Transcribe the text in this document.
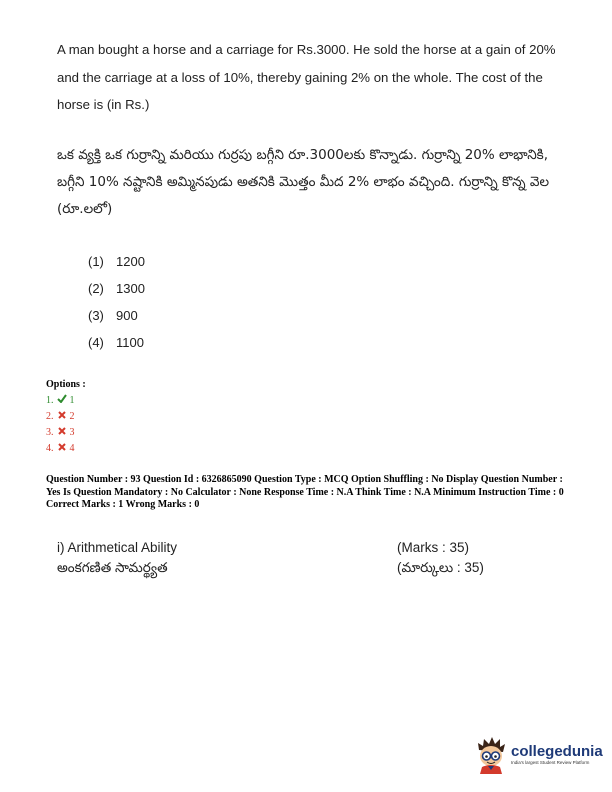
A man bought a horse and a carriage for Rs.3000. He sold the horse at a gain of 20% and the carriage at a loss of 10%, thereby gaining 2% on the whole. The cost of the horse is (in Rs.)
ఒక వ్యక్తి ఒక గుర్రాన్ని మరియు గుర్రపు బగ్గీని రూ.3000లకు కొన్నాడు. గుర్రాన్ని 20% లాభానికి, బగ్గీని 10% నష్టానికి అమ్మినపుడు అతనికి మొత్తం మీద 2% లాభం వచ్చింది. గుర్రాన్ని కొన్న వెల (రూ.లలో)
(1) 1200
(2) 1300
(3) 900
(4) 1100
Options :
1. 1
2. 2
3. 3
4. 4
Question Number : 93 Question Id : 6326865090 Question Type : MCQ Option Shuffling : No Display Question Number : Yes Is Question Mandatory : No Calculator : None Response Time : N.A Think Time : N.A Minimum Instruction Time : 0
Correct Marks : 1 Wrong Marks : 0
i) Arithmetical Ability	(Marks : 35)
అంకగణిత సామర్థ్యత	(మార్కులు : 35)
collegedunia
India's largest Student Review Platform
